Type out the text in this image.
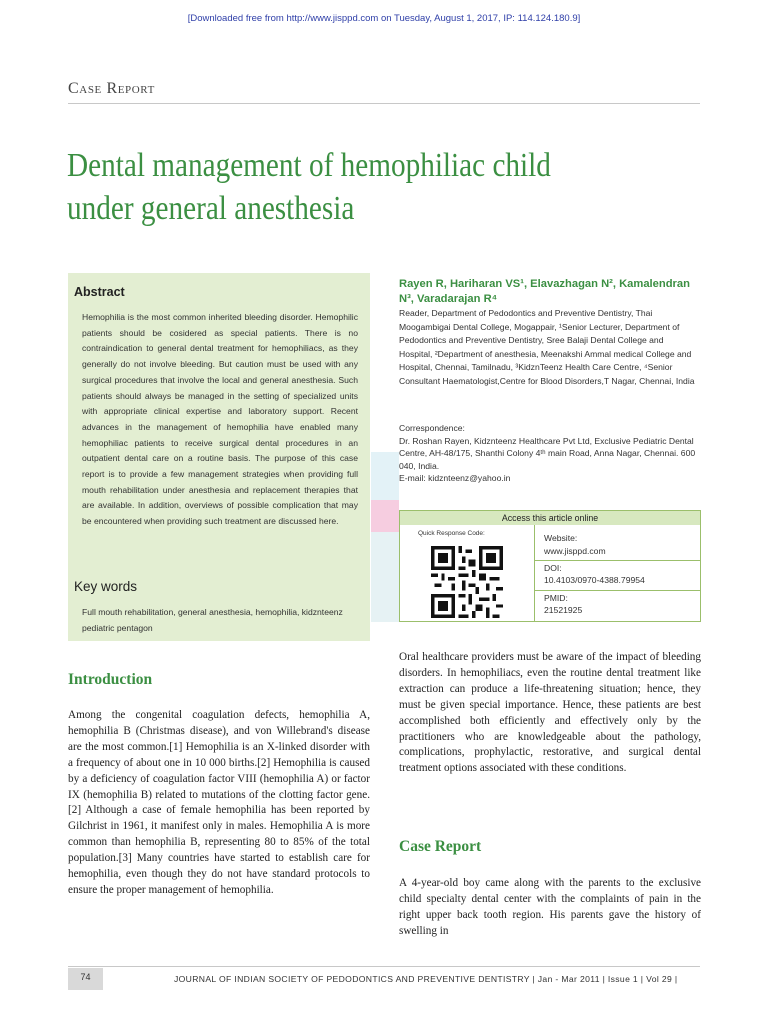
[Downloaded free from http://www.jisppd.com on Tuesday, August 1, 2017, IP: 114.124.180.9]
Case Report
Dental management of hemophiliac child under general anesthesia
Abstract
Hemophilia is the most common inherited bleeding disorder. Hemophilic patients should be cosidered as special patients. There is no contraindication to general dental treatment for hemophiliacs, as they generally do not involve bleeding. But caution must be used with any surgical procedures that involve the local and general anesthesia. Such patients should always be managed in the setting of specialized units with appropriate clinical expertise and laboratory support. Recent advances in the management of hemophilia have enabled many hemophiliac patients to receive surgical dental procedures in an outpatient dental care on a routine basis. The purpose of this case report is to provide a few management strategies when providing full mouth rehabilitation under anesthesia and replacement therapies that are available. In addition, overviews of possible complication that may be encountered when providing such treatment are discussed here.
Key words
Full mouth rehabilitation, general anesthesia, hemophilia, kidznteenz pediatric pentagon
Rayen R, Hariharan VS¹, Elavazhagan N², Kamalendran N³, Varadarajan R⁴
Reader, Department of Pedodontics and Preventive Dentistry, Thai Moogambigai Dental College, Mogappair, ¹Senior Lecturer, Department of Pedodontics and Preventive Dentistry, Sree Balaji Dental College and Hospital, ²Department of anesthesia, Meenakshi Ammal medical College and Hospital, Chennai, Tamilnadu, ³KidznTeenz Health Care Centre, ⁴Senior Consultant Haematologist,Centre for Blood Disorders,T Nagar, Chennai, India
Correspondence:
Dr. Roshan Rayen, Kidznteenz Healthcare Pvt Ltd, Exclusive Pediatric Dental Centre, AH-48/175, Shanthi Colony 4ᵗʰ main Road, Anna Nagar, Chennai. 600 040, India.
E-mail: kidznteenz@yahoo.in
Access this article online
Quick Response Code:	Website:
www.jisppd.com
DOI:
10.4103/0970-4388.79954
PMID:
21521925
Introduction
Among the congenital coagulation defects, hemophilia A, hemophilia B (Christmas disease), and von Willebrand's disease are the most common.[1] Hemophilia is an X-linked disorder with a frequency of about one in 10 000 births.[2] Hemophilia is caused by a deficiency of coagulation factor VIII (hemophilia A) or factor IX (hemophilia B) related to mutations of the clotting factor gene.[2] Although a case of female hemophilia has been reported by Gilchrist in 1961, it manifest only in males. Hemophilia A is more common than hemophilia B, representing 80 to 85% of the total population.[3] Many countries have started to establish care for hemophilia, even though they do not have standard protocols to ensure the proper management of hemophilia.
Oral healthcare providers must be aware of the impact of bleeding disorders. In hemophiliacs, even the routine dental treatment like extraction can produce a life-threatening situation; hence, they must be given special importance. Hence, these patients are best accomplished both efficiently and effectively only by the practitioners who are knowledgeable about the pathology, complications, prophylactic, restorative, and surgical dental treatment options associated with these conditions.
Case Report
A 4-year-old boy came along with the parents to the exclusive child specialty dental center with the complaints of pain in the right upper back tooth region. His parents gave the history of swelling in
74	JOURNAL OF INDIAN SOCIETY OF PEDODONTICS AND PREVENTIVE DENTISTRY | Jan - Mar 2011 | Issue 1 | Vol 29 |
